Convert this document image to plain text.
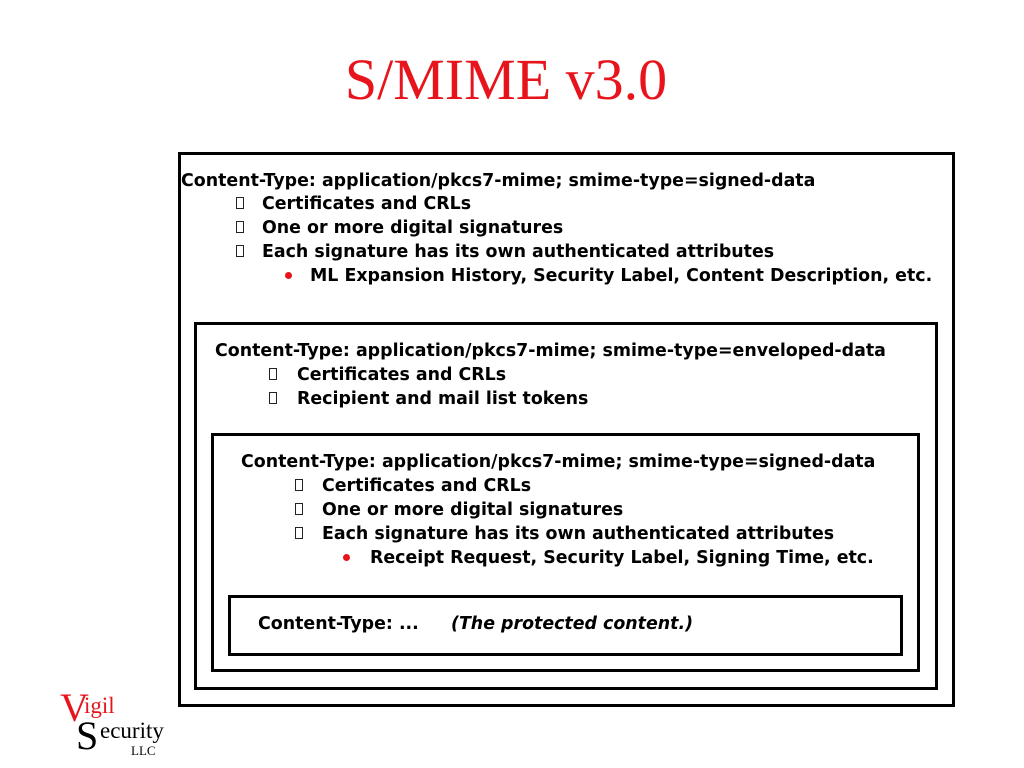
S/MIME v3.0
Content-Type: application/pkcs7-mime; smime-type=signed-data
Certificates and CRLs
One or more digital signatures
Each signature has its own authenticated attributes
ML Expansion History, Security Label, Content Description, etc.
Content-Type: application/pkcs7-mime; smime-type=enveloped-data
Certificates and CRLs
Recipient and mail list tokens
Content-Type: application/pkcs7-mime; smime-type=signed-data
Certificates and CRLs
One or more digital signatures
Each signature has its own authenticated attributes
Receipt Request, Security Label, Signing Time, etc.
Content-Type: ... (The protected content.)
V
igil
S ecurity
LLC
